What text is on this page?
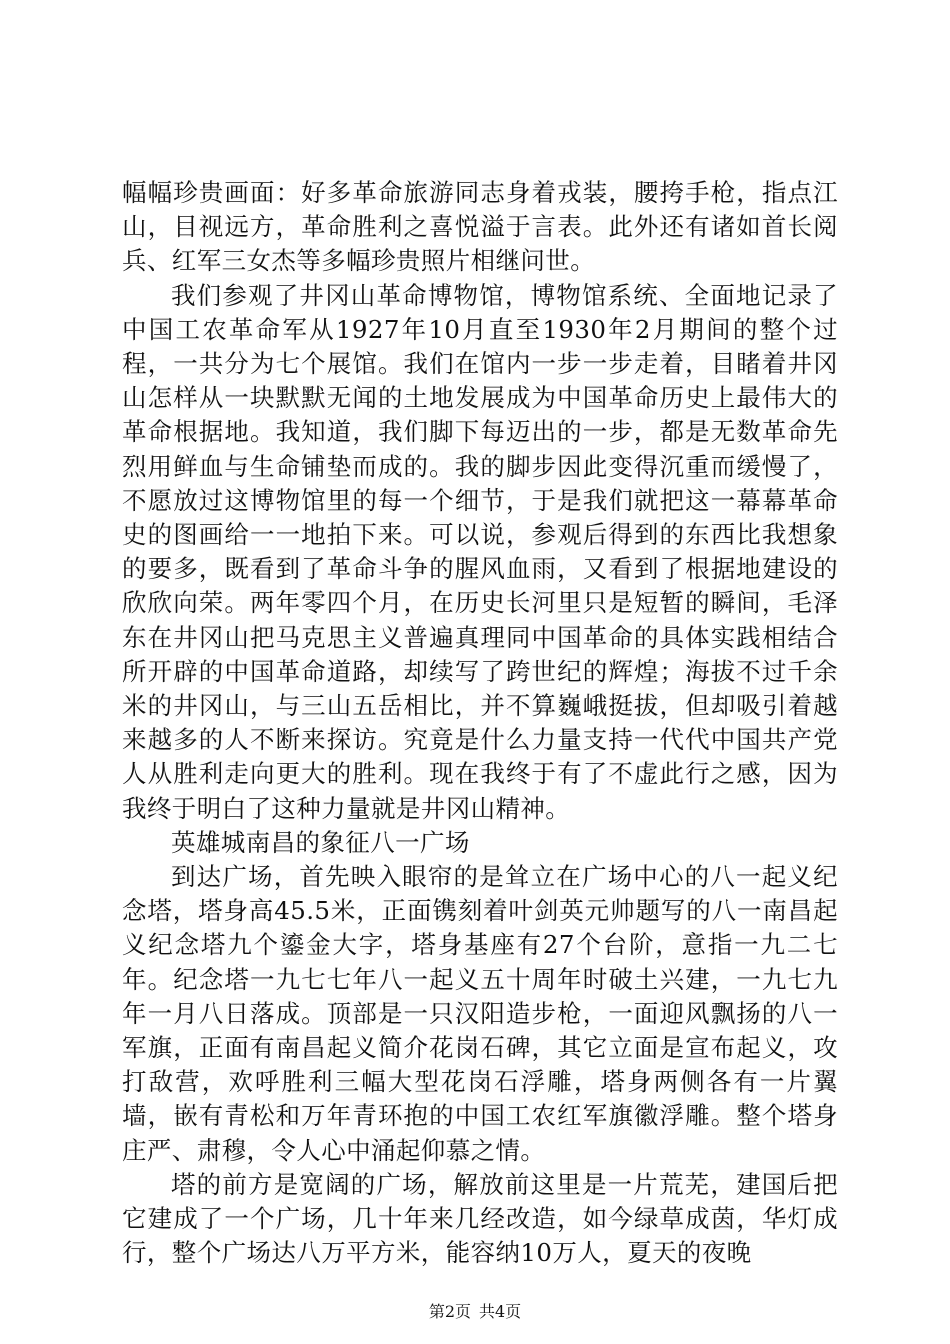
幅幅珍贵画面：好多革命旅游同志身着戎装，腰挎手枪，指点江山，目视远方，革命胜利之喜悦溢于言表。此外还有诸如首长阅兵、红军三女杰等多幅珍贵照片相继问世。

我们参观了井冈山革命博物馆，博物馆系统、全面地记录了中国工农革命军从1927年10月直至1930年2月期间的整个过程，一共分为七个展馆。我们在馆内一步一步走着，目睹着井冈山怎样从一块默默无闻的土地发展成为中国革命历史上最伟大的革命根据地。我知道，我们脚下每迈出的一步，都是无数革命先烈用鲜血与生命铺垫而成的。我的脚步因此变得沉重而缓慢了，不愿放过这博物馆里的每一个细节，于是我们就把这一幕幕革命史的图画给一一地拍下来。可以说，参观后得到的东西比我想象的要多，既看到了革命斗争的腥风血雨，又看到了根据地建设的欣欣向荣。两年零四个月，在历史长河里只是短暂的瞬间，毛泽东在井冈山把马克思主义普遍真理同中国革命的具体实践相结合所开辟的中国革命道路，却续写了跨世纪的辉煌；海拔不过千余米的井冈山，与三山五岳相比，并不算巍峨挺拔，但却吸引着越来越多的人不断来探访。究竟是什么力量支持一代代中国共产党人从胜利走向更大的胜利。现在我终于有了不虚此行之感，因为我终于明白了这种力量就是井冈山精神。

英雄城南昌的象征八一广场

到达广场，首先映入眼帘的是耸立在广场中心的八一起义纪念塔，塔身高45.5米，正面镌刻着叶剑英元帅题写的八一南昌起义纪念塔九个鎏金大字，塔身基座有27个台阶，意指一九二七年。纪念塔一九七七年八一起义五十周年时破土兴建，一九七九年一月八日落成。顶部是一只汉阳造步枪，一面迎风飘扬的八一军旗，正面有南昌起义简介花岗石碑，其它立面是宣布起义，攻打敌营，欢呼胜利三幅大型花岗石浮雕，塔身两侧各有一片翼墙，嵌有青松和万年青环抱的中国工农红军旗徽浮雕。整个塔身庄严、肃穆，令人心中涌起仰慕之情。

塔的前方是宽阔的广场，解放前这里是一片荒芜，建国后把它建成了一个广场，几十年来几经改造，如今绿草成茵，华灯成行，整个广场达八万平方米，能容纳10万人，夏天的夜晚

第2页 共4页
